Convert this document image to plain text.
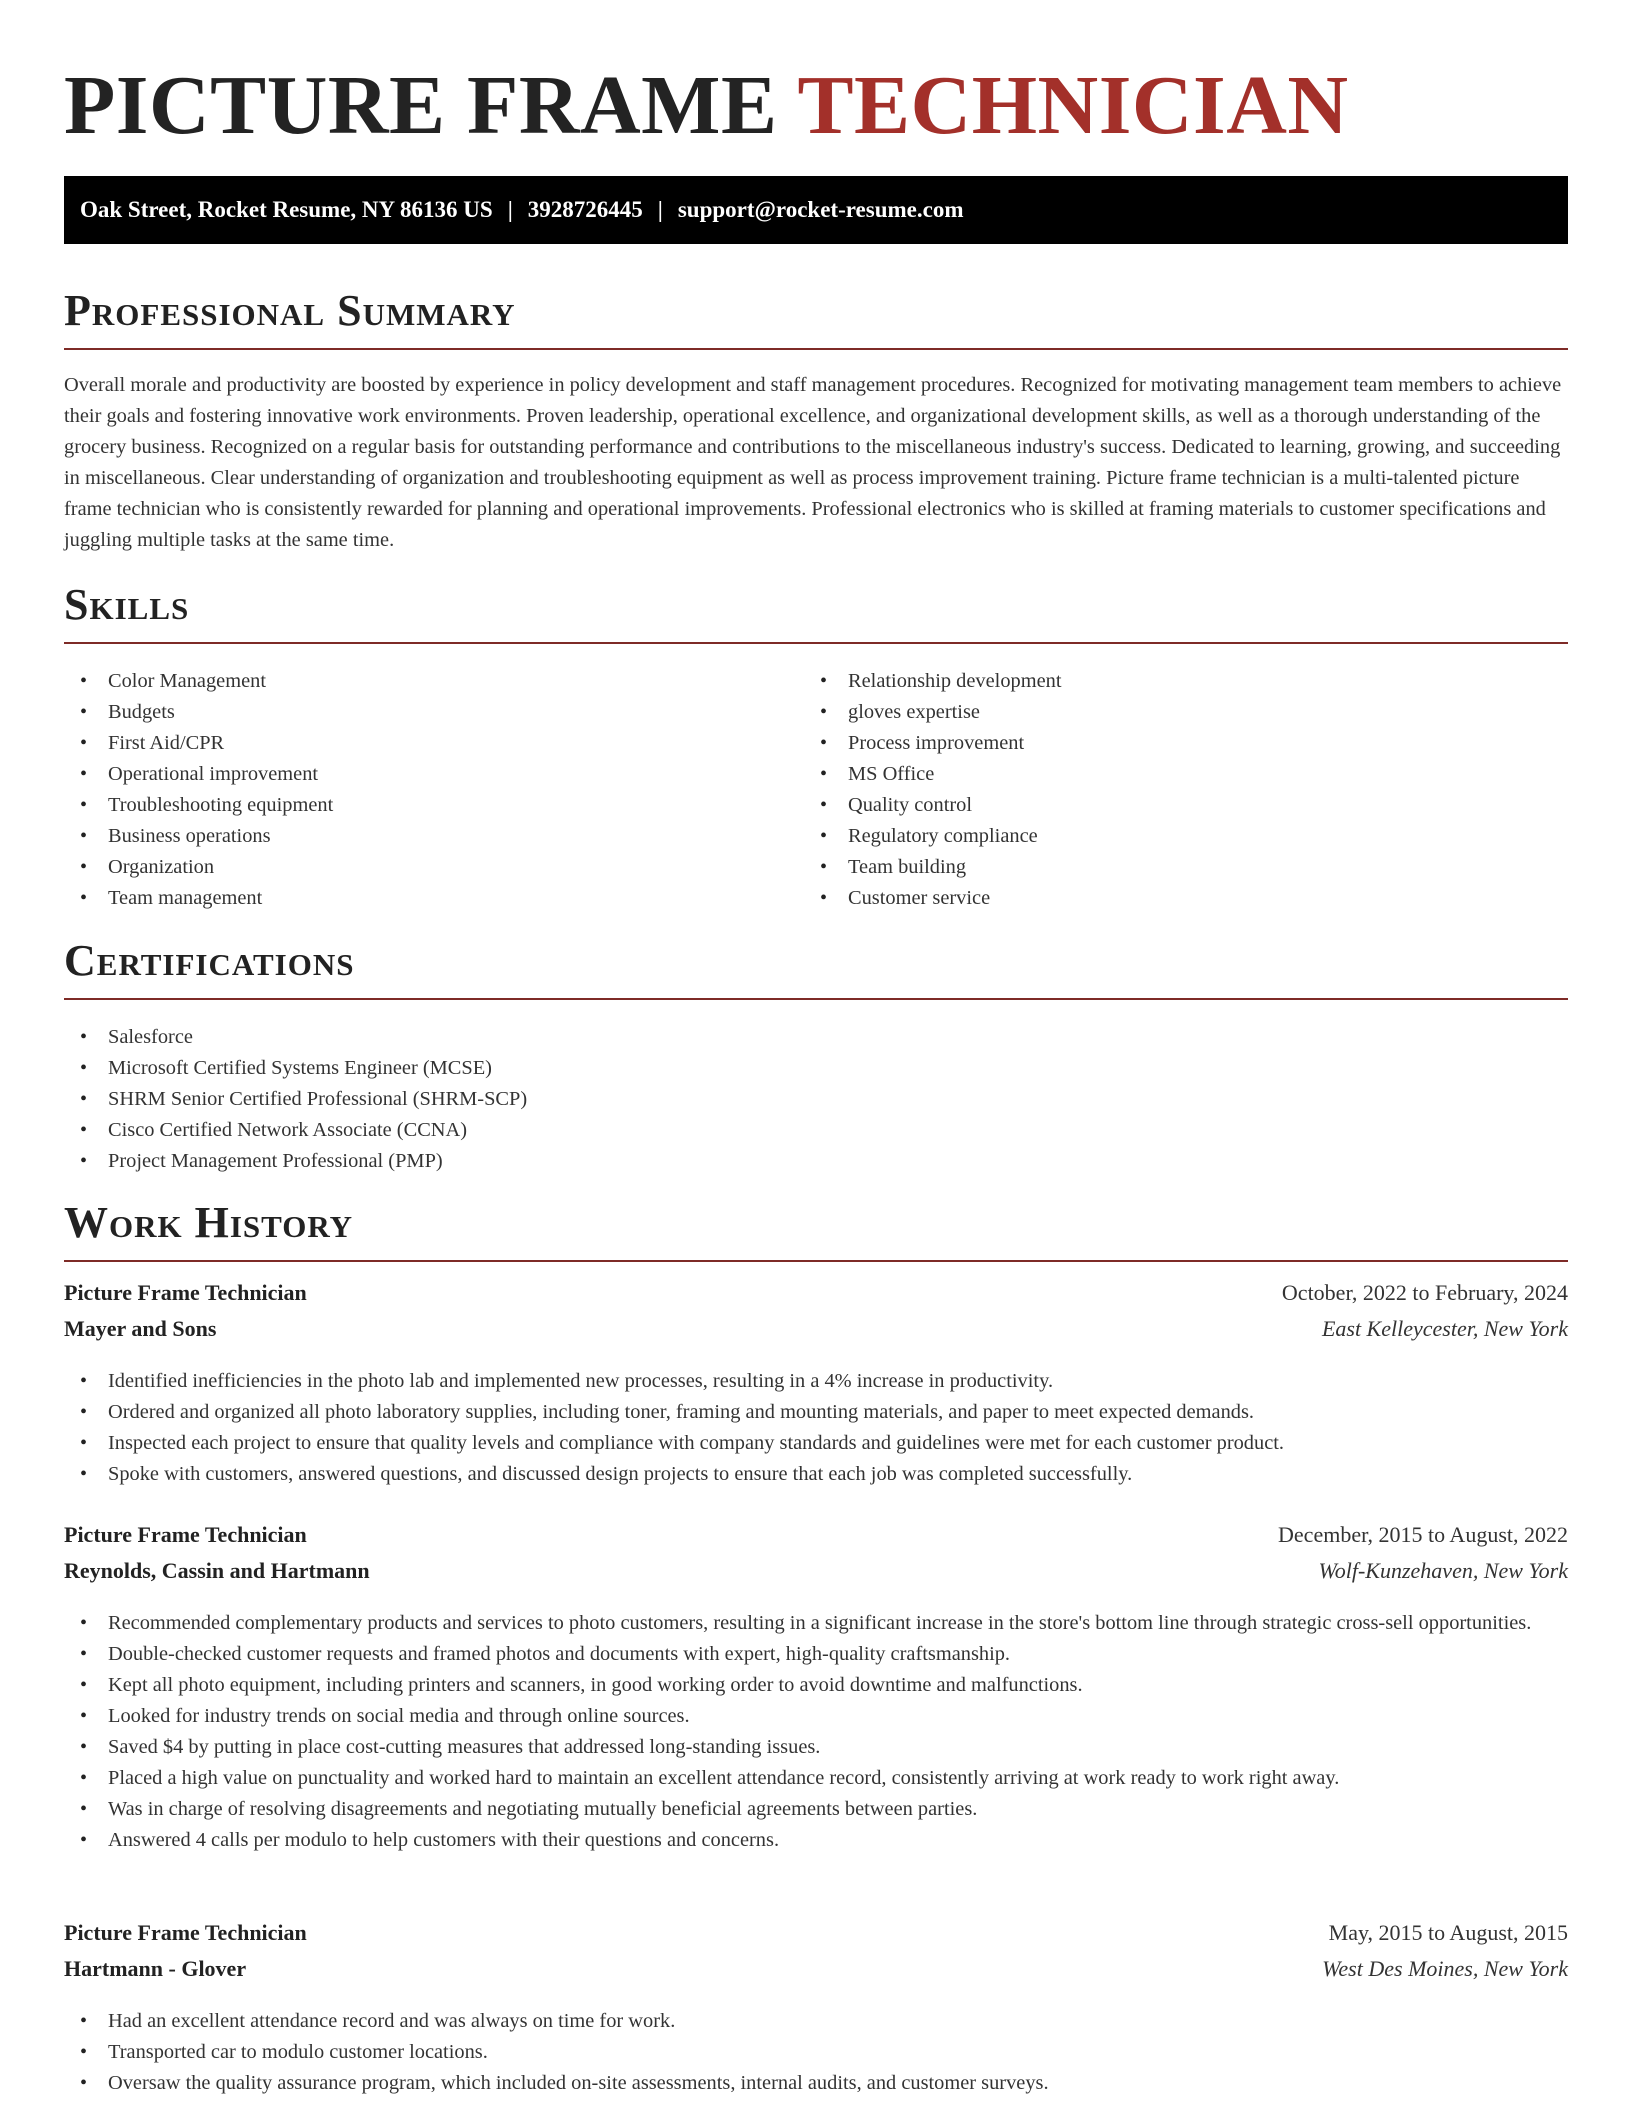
PICTURE FRAME TECHNICIAN
Oak Street, Rocket Resume, NY 86136 US | 3928726445 | support@rocket-resume.com
Professional Summary

Overall morale and productivity are boosted by experience in policy development and staff management procedures. Recognized for motivating management team members to achieve their goals and fostering innovative work environments. Proven leadership, operational excellence, and organizational development skills, as well as a thorough understanding of the grocery business. Recognized on a regular basis for outstanding performance and contributions to the miscellaneous industry's success. Dedicated to learning, growing, and succeeding in miscellaneous. Clear understanding of organization and troubleshooting equipment as well as process improvement training. Picture frame technician is a multi-talented picture frame technician who is consistently rewarded for planning and operational improvements. Professional electronics who is skilled at framing materials to customer specifications and juggling multiple tasks at the same time.

Skills
• Color Management
• Budgets
• First Aid/CPR
• Operational improvement
• Troubleshooting equipment
• Business operations
• Organization
• Team management
• Relationship development
• gloves expertise
• Process improvement
• MS Office
• Quality control
• Regulatory compliance
• Team building
• Customer service
Certifications
• Salesforce
• Microsoft Certified Systems Engineer (MCSE)
• SHRM Senior Certified Professional (SHRM-SCP)
• Cisco Certified Network Associate (CCNA)
• Project Management Professional (PMP)
Work History
Picture Frame Technician	October, 2022 to February, 2024
Mayer and Sons	East Kelleycester, New York
• Identified inefficiencies in the photo lab and implemented new processes, resulting in a 4% increase in productivity.
• Ordered and organized all photo laboratory supplies, including toner, framing and mounting materials, and paper to meet expected demands.
• Inspected each project to ensure that quality levels and compliance with company standards and guidelines were met for each customer product.
• Spoke with customers, answered questions, and discussed design projects to ensure that each job was completed successfully.
Picture Frame Technician	December, 2015 to August, 2022
Reynolds, Cassin and Hartmann	Wolf-Kunzehaven, New York
• Recommended complementary products and services to photo customers, resulting in a significant increase in the store's bottom line through strategic cross-sell opportunities.
• Double-checked customer requests and framed photos and documents with expert, high-quality craftsmanship.
• Kept all photo equipment, including printers and scanners, in good working order to avoid downtime and malfunctions.
• Looked for industry trends on social media and through online sources.
• Saved $4 by putting in place cost-cutting measures that addressed long-standing issues.
• Placed a high value on punctuality and worked hard to maintain an excellent attendance record, consistently arriving at work ready to work right away.
• Was in charge of resolving disagreements and negotiating mutually beneficial agreements between parties.
• Answered 4 calls per modulo to help customers with their questions and concerns.
Picture Frame Technician	May, 2015 to August, 2015
Hartmann - Glover	West Des Moines, New York
• Had an excellent attendance record and was always on time for work.
• Transported car to modulo customer locations.
• Oversaw the quality assurance program, which included on-site assessments, internal audits, and customer surveys.
